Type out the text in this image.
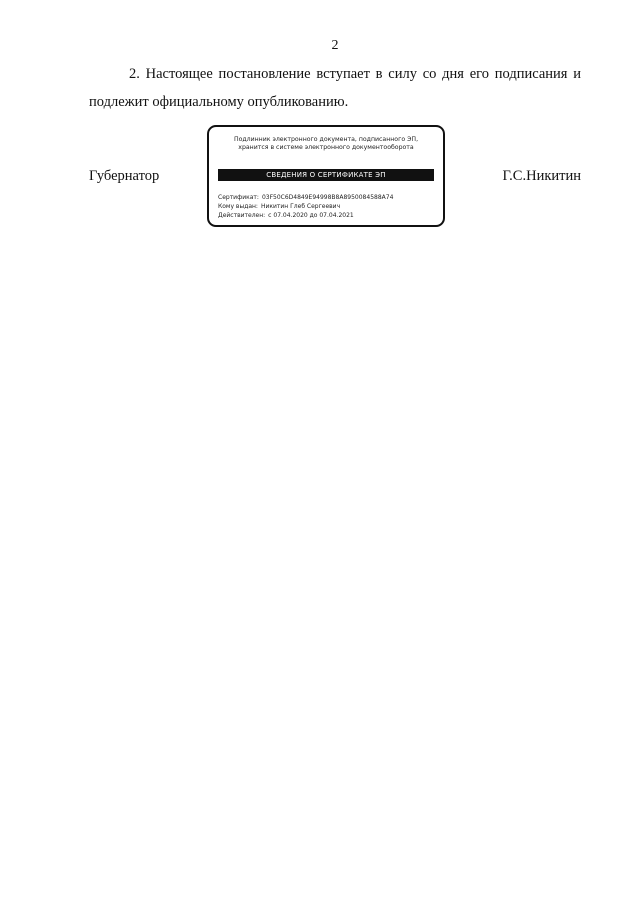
2

2. Настоящее постановление вступает в силу со дня его подписания и подлежит официальному опубликованию.

Губернатор	Г.С.Никитин

Подлинник электронного документа, подписанного ЭП,
хранится в системе электронного документооборота

СВЕДЕНИЯ О СЕРТИФИКАТЕ ЭП
Сертификат: 03F50C6D4849E94998B8A8950084588A74
Кому выдан: Никитин Глеб Сергеевич
Действителен: с 07.04.2020 до 07.04.2021
